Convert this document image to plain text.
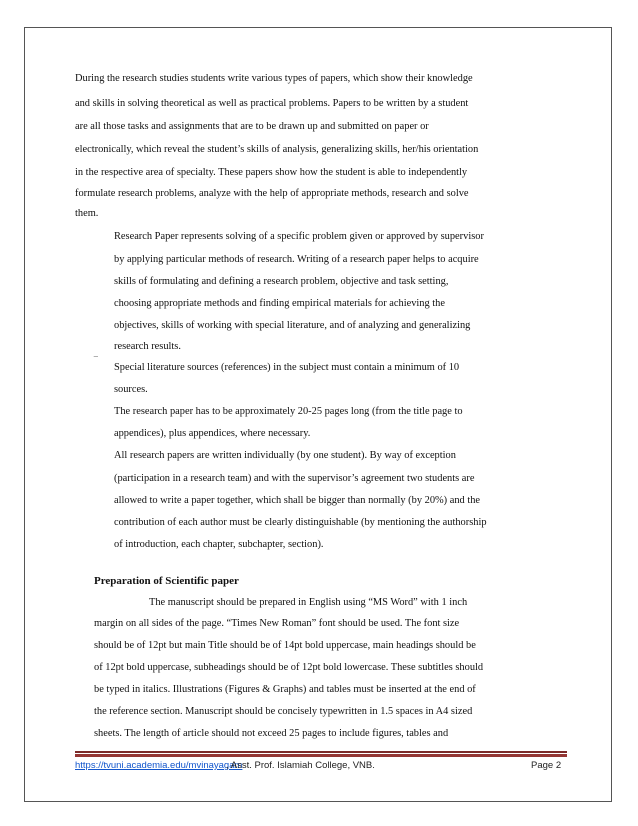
During the research studies students write various types of papers, which show their knowledge
and skills in solving theoretical as well as practical problems. Papers to be written by a student
are all those tasks and assignments that are to be drawn up and submitted on paper or
electronically, which reveal the student’s skills of analysis, generalizing skills, her/his orientation
in the respective area of specialty. These papers show how the student is able to independently
formulate research problems, analyze with the help of appropriate methods, research and solve
them.
Research Paper represents solving of a specific problem given or approved by supervisor
by applying particular methods of research. Writing of a research paper helps to acquire
skills of formulating and defining a research problem, objective and task setting,
choosing appropriate methods and finding empirical materials for achieving the
objectives, skills of working with special literature, and of analyzing and generalizing
research results.
‾ Special literature sources (references) in the subject must contain a minimum of 10
sources.
The research paper has to be approximately 20-25 pages long (from the title page to
appendices), plus appendices, where necessary.
All research papers are written individually (by one student). By way of exception
(participation in a research team) and with the supervisor’s agreement two students are
allowed to write a paper together, which shall be bigger than normally (by 20%) and the
contribution of each author must be clearly distinguishable (by mentioning the authorship
of introduction, each chapter, subchapter, section).
Preparation of Scientific paper
The manuscript should be prepared in English using “MS Word” with 1 inch
margin on all sides of the page. “Times New Roman” font should be used. The font size
should be of 12pt but main Title should be of 14pt bold uppercase, main headings should be
of 12pt bold uppercase, subheadings should be of 12pt bold lowercase. These subtitles should
be typed in italics. Illustrations (Figures & Graphs) and tables must be inserted at the end of
the reference section. Manuscript should be concisely typewritten in 1.5 spaces in A4 sized
sheets. The length of article should not exceed 25 pages to include figures, tables and
https://tvuni.academia.edu/mvinayagam
, Asst. Prof. Islamiah College, VNB.	Page 2
